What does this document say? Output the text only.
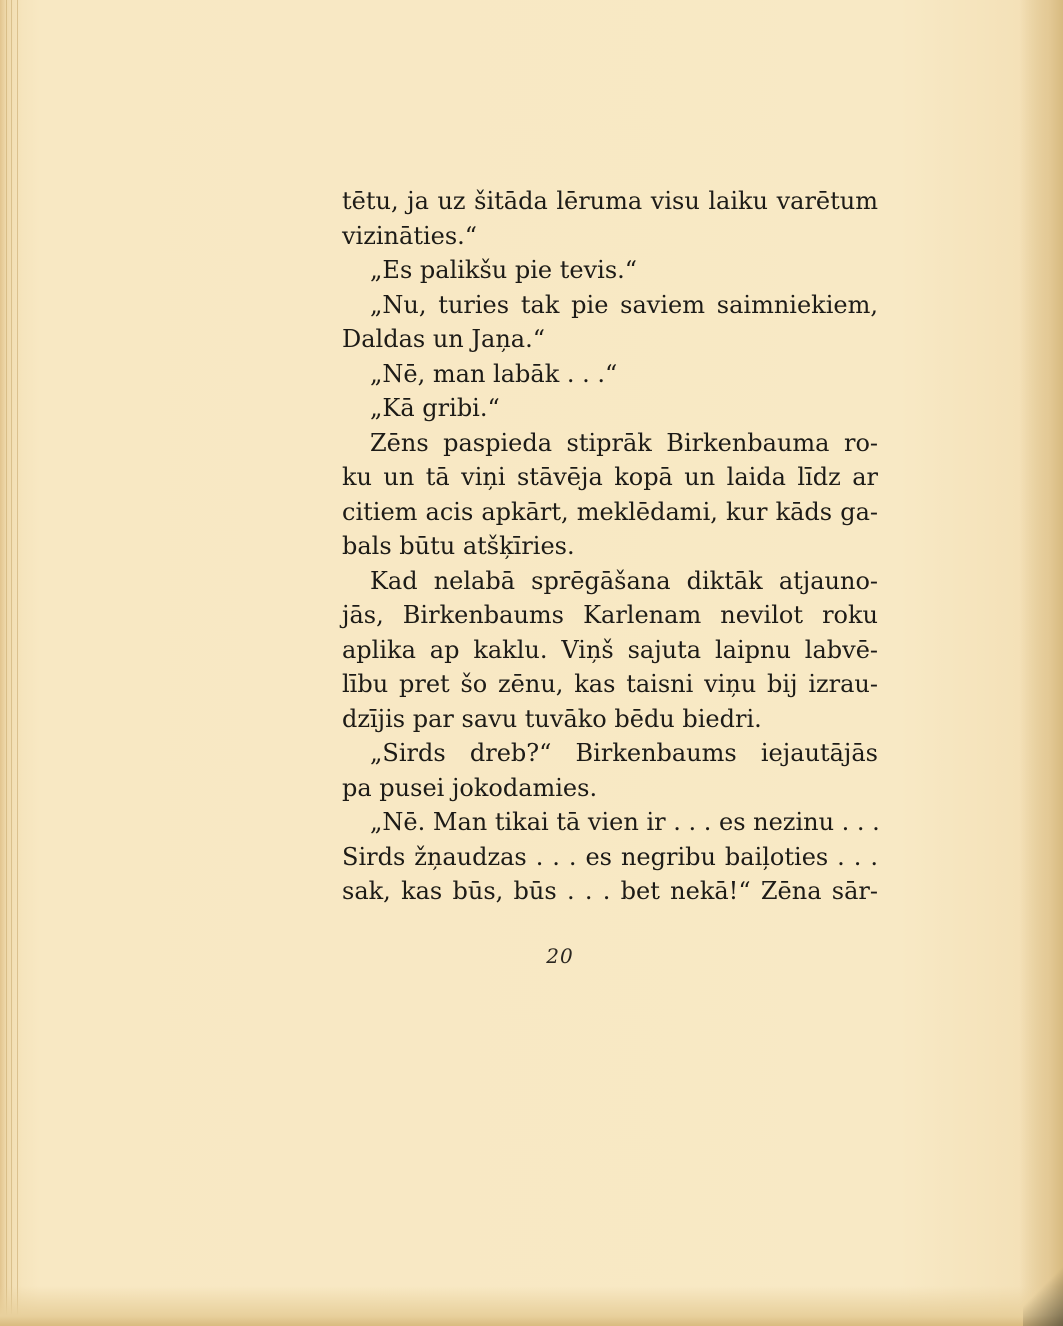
tētu, ja uz šitāda lēruma visu laiku varētum
vizināties.“
„Es palikšu pie tevis.“
„Nu, turies tak pie saviem saimniekiem,
Daldas un Jaņa.“
„Nē, man labāk . . .“
„Kā gribi.“
Zēns paspieda stiprāk Birkenbauma ro-
ku un tā viņi stāvēja kopā un laida līdz ar
citiem acis apkārt, meklēdami, kur kāds ga-
bals būtu atšķīries.
Kad nelabā sprēgāšana diktāk atjauno-
jās, Birkenbaums Karlenam nevilot roku
aplika ap kaklu. Viņš sajuta laipnu labvē-
lību pret šo zēnu, kas taisni viņu bij izrau-
dzījis par savu tuvāko bēdu biedri.
„Sirds dreb?“ Birkenbaums iejautājās
pa pusei jokodamies.
„Nē. Man tikai tā vien ir . . . es nezinu . . .
Sirds žņaudzas . . . es negribu baiļoties . . .
sak, kas būs, būs . . . bet nekā!“ Zēna sār-
20
